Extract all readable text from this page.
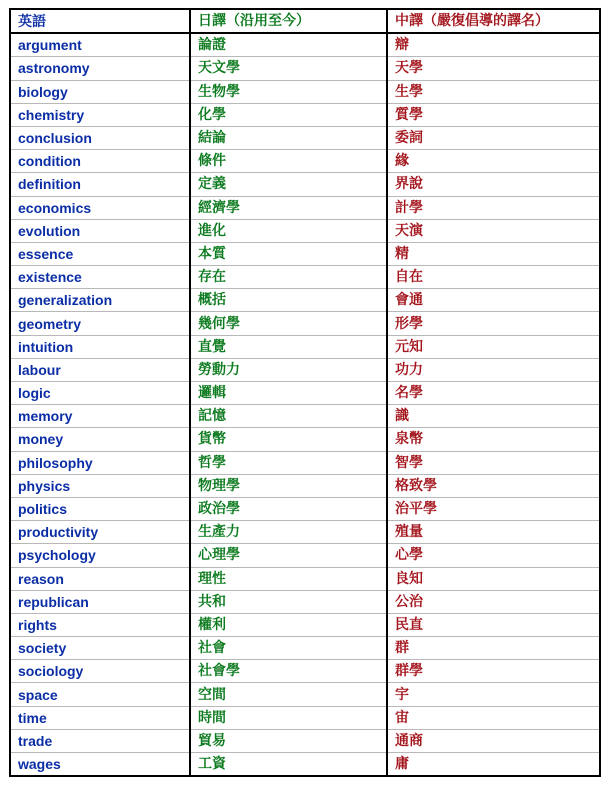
英語	日譯（沿用至今）	中譯（嚴復倡導的譯名）
argument	論證	辯
astronomy	天文學	天學
biology	生物學	生學
chemistry	化學	質學
conclusion	結論	委詞
condition	條件	緣
definition	定義	界說
economics	經濟學	計學
evolution	進化	天演
essence	本質	精
existence	存在	自在
generalization	概括	會通
geometry	幾何學	形學
intuition	直覺	元知
labour	勞動力	功力
logic	邏輯	名學
memory	記憶	識
money	貨幣	泉幣
philosophy	哲學	智學
physics	物理學	格致學
politics	政治學	治平學
productivity	生產力	殖量
psychology	心理學	心學
reason	理性	良知
republican	共和	公治
rights	權利	民直
society	社會	群
sociology	社會學	群學
space	空間	宇
time	時間	宙
trade	貿易	通商
wages	工資	庸
